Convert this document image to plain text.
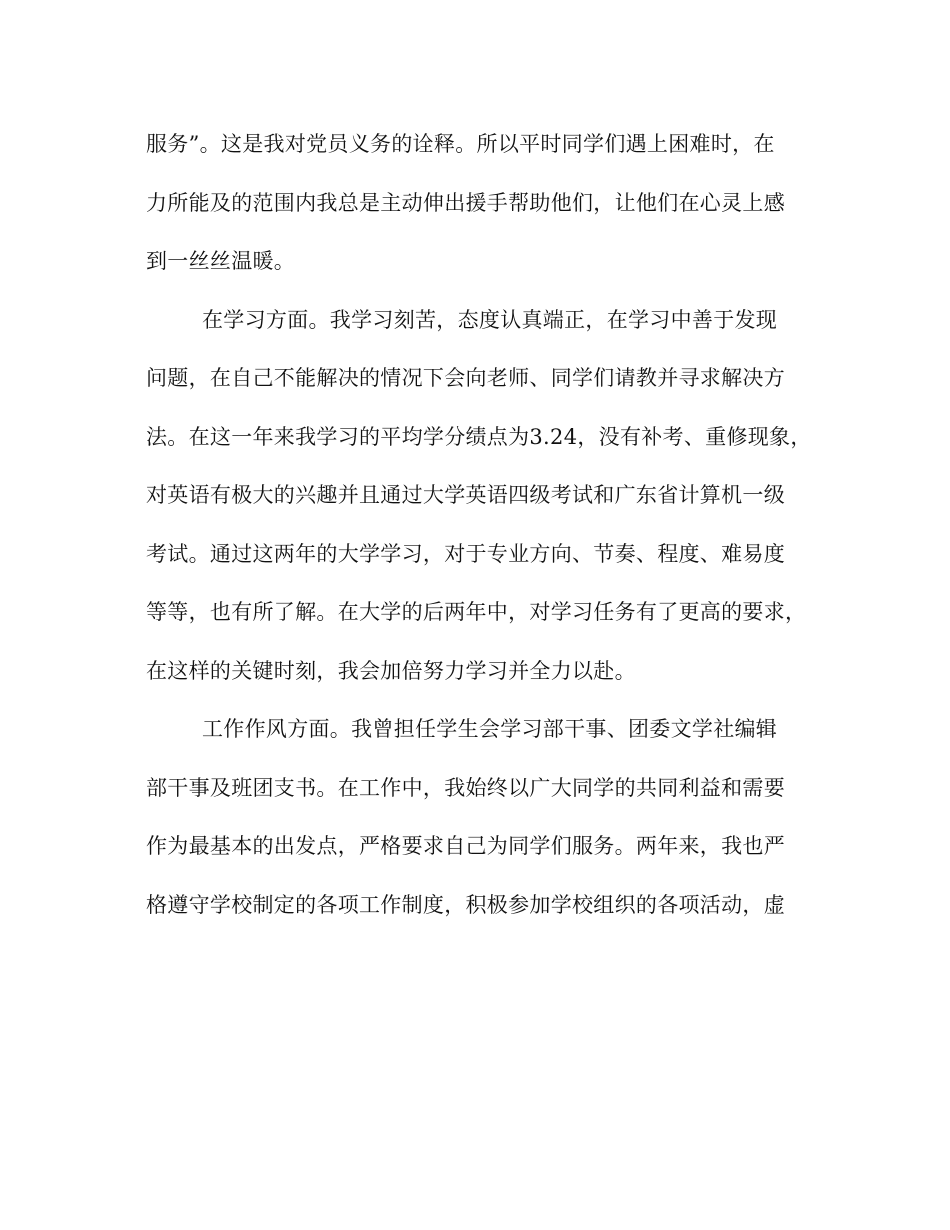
服务”。这是我对党员义务的诠释。所以平时同学们遇上困难时，在
力所能及的范围内我总是主动伸出援手帮助他们，让他们在心灵上感
到一丝丝温暖。
在学习方面。我学习刻苦，态度认真端正，在学习中善于发现
问题，在自己不能解决的情况下会向老师、同学们请教并寻求解决方
法。在这一年来我学习的平均学分绩点为3.24，没有补考、重修现象，
对英语有极大的兴趣并且通过大学英语四级考试和广东省计算机一级
考试。通过这两年的大学学习，对于专业方向、节奏、程度、难易度
等等，也有所了解。在大学的后两年中，对学习任务有了更高的要求，
在这样的关键时刻，我会加倍努力学习并全力以赴。
工作作风方面。我曾担任学生会学习部干事、团委文学社编辑
部干事及班团支书。在工作中，我始终以广大同学的共同利益和需要
作为最基本的出发点，严格要求自己为同学们服务。两年来，我也严
格遵守学校制定的各项工作制度，积极参加学校组织的各项活动，虚
